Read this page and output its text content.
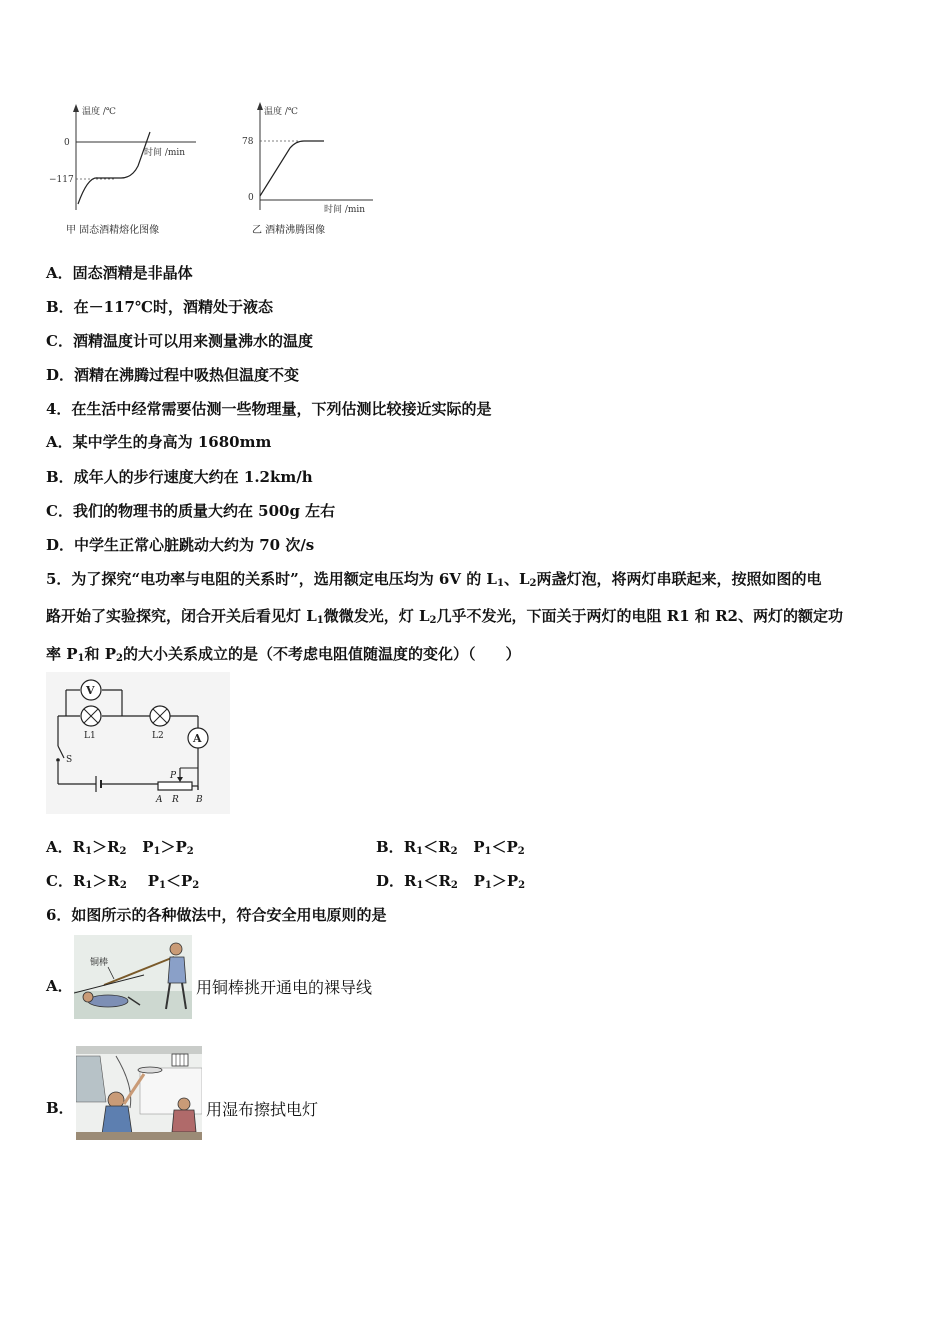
温度 /℃
0
−117
时间 /min
甲 固态酒精熔化图像
温度 /℃
78
0
时间 /min
乙 酒精沸腾图像
A．固态酒精是非晶体
B．在－117℃时，酒精处于液态
C．酒精温度计可以用来测量沸水的温度
D．酒精在沸腾过程中吸热但温度不变
4．在生活中经常需要估测一些物理量，下列估测比较接近实际的是
A．某中学生的身高为 1680mm
B．成年人的步行速度大约在 1.2km/h
C．我们的物理书的质量大约在 500g 左右
D．中学生正常心脏跳动大约为 70 次/s
5．为了探究“电功率与电阻的关系时”，选用额定电压均为 6V 的 $L_1$、$L_2$两盏灯泡，将两灯串联起来，按照如图的电
路开始了实验探究，闭合开关后看见灯 $L_1$微微发光，灯 $L_2$几乎不发光，下面关于两灯的电阻 R1 和 R2、两灯的额定功
率 $P_1$和 $P_2$的大小关系成立的是（不考虑电阻值随温度的变化）（　　）
V
L1	L2	A
S
P
A R B
A．$R_1>R_2$ $P_1>P_2$	B．$R_1<R_2$ $P_1<P_2$
C．$R_1>R_2$ $P_1<P_2$	D．$R_1<R_2$ $P_1>P_2$
6．如图所示的各种做法中，符合安全用电原则的是
A．
铜棒
用铜棒挑开通电的裸导线
B．	用湿布擦拭电灯
